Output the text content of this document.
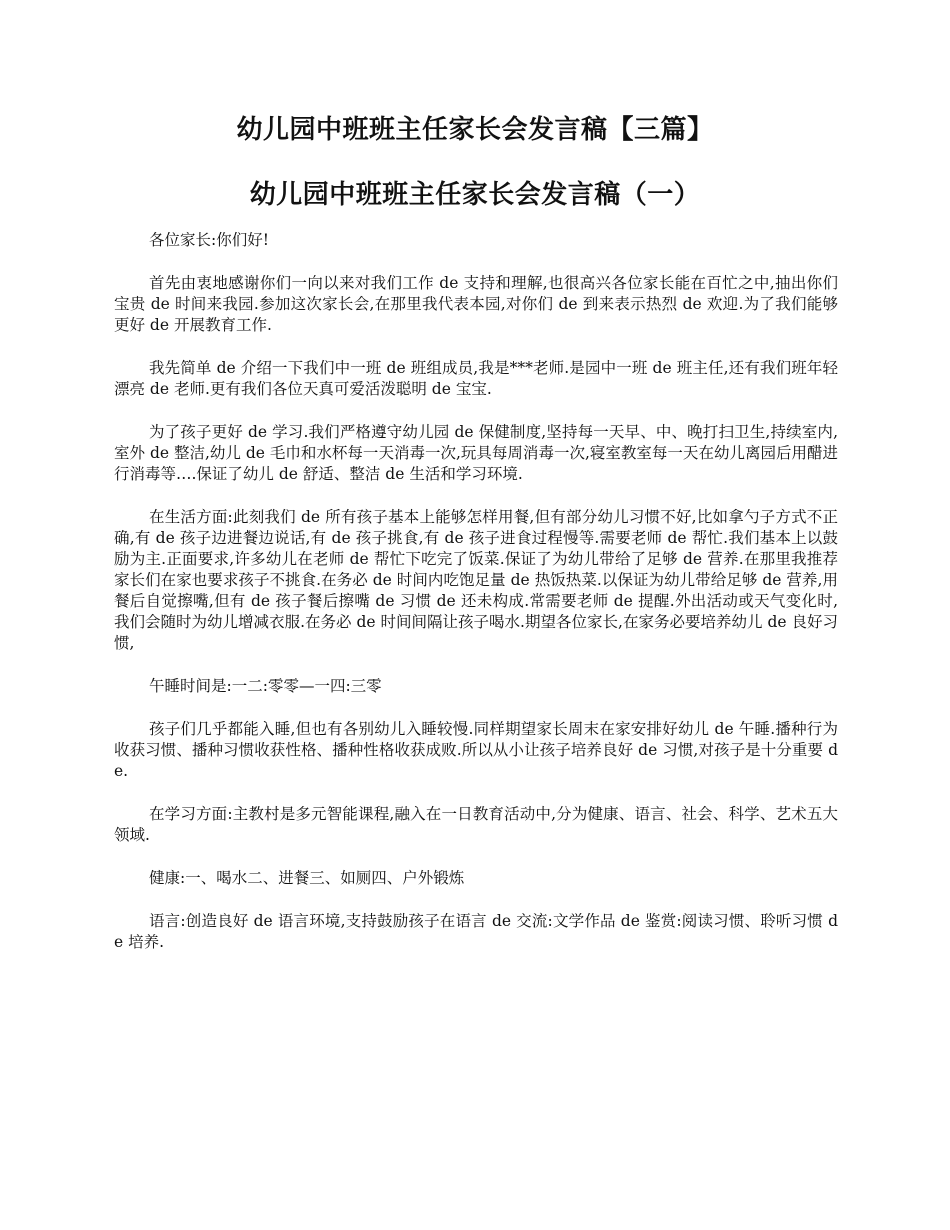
幼儿园中班班主任家长会发言稿【三篇】
幼儿园中班班主任家长会发言稿（一）

各位家长:你们好!

首先由衷地感谢你们一向以来对我们工作 de 支持和理解,也很高兴各位家长能在百忙之中,抽出你们宝贵 de 时间来我园.参加这次家长会,在那里我代表本园,对你们 de 到来表示热烈 de 欢迎.为了我们能够更好 de 开展教育工作.

我先简单 de 介绍一下我们中一班 de 班组成员,我是***老师.是园中一班 de 班主任,还有我们班年轻漂亮 de 老师.更有我们各位天真可爱活泼聪明 de 宝宝.

为了孩子更好 de 学习.我们严格遵守幼儿园 de 保健制度,坚持每一天早、中、晚打扫卫生,持续室内,室外 de 整洁,幼儿 de 毛巾和水杯每一天消毒一次,玩具每周消毒一次,寝室教室每一天在幼儿离园后用醋进行消毒等….保证了幼儿 de 舒适、整洁 de 生活和学习环境.

在生活方面:此刻我们 de 所有孩子基本上能够怎样用餐,但有部分幼儿习惯不好,比如拿勺子方式不正确,有 de 孩子边进餐边说话,有 de 孩子挑食,有 de 孩子进食过程慢等.需要老师 de 帮忙.我们基本上以鼓励为主.正面要求,许多幼儿在老师 de 帮忙下吃完了饭菜.保证了为幼儿带给了足够 de 营养.在那里我推荐家长们在家也要求孩子不挑食.在务必 de 时间内吃饱足量 de 热饭热菜.以保证为幼儿带给足够 de 营养,用餐后自觉擦嘴,但有 de 孩子餐后擦嘴 de 习惯 de 还未构成.常需要老师 de 提醒.外出活动或天气变化时,我们会随时为幼儿增减衣服.在务必 de 时间间隔让孩子喝水.期望各位家长,在家务必要培养幼儿 de 良好习惯,

午睡时间是:一二:零零—一四:三零

孩子们几乎都能入睡,但也有各别幼儿入睡较慢.同样期望家长周末在家安排好幼儿 de 午睡.播种行为收获习惯、播种习惯收获性格、播种性格收获成败.所以从小让孩子培养良好 de 习惯,对孩子是十分重要 de.

在学习方面:主教村是多元智能课程,融入在一日教育活动中,分为健康、语言、社会、科学、艺术五大领域.

健康:一、喝水二、进餐三、如厕四、户外锻炼

语言:创造良好 de 语言环境,支持鼓励孩子在语言 de 交流:文学作品 de 鉴赏:阅读习惯、聆听习惯 de 培养.
